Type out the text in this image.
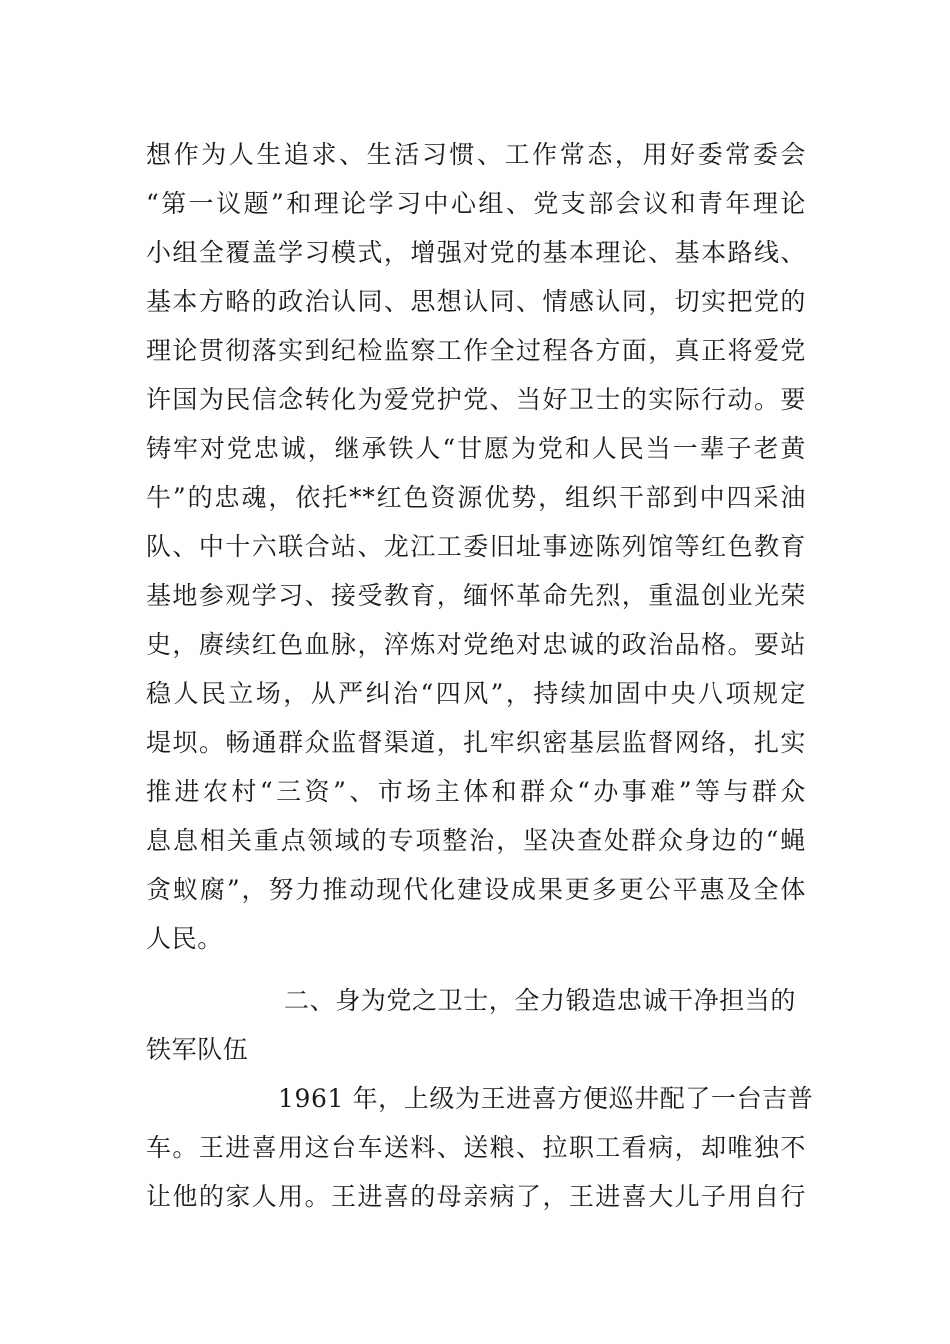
想作为人生追求、生活习惯、工作常态，用好委常委会
“第一议题”和理论学习中心组、党支部会议和青年理论
小组全覆盖学习模式，增强对党的基本理论、基本路线、
基本方略的政治认同、思想认同、情感认同，切实把党的
理论贯彻落实到纪检监察工作全过程各方面，真正将爱党
许国为民信念转化为爱党护党、当好卫士的实际行动。要
铸牢对党忠诚，继承铁人“甘愿为党和人民当一辈子老黄
牛”的忠魂，依托**红色资源优势，组织干部到中四采油
队、中十六联合站、龙江工委旧址事迹陈列馆等红色教育
基地参观学习、接受教育，缅怀革命先烈，重温创业光荣
史，赓续红色血脉，淬炼对党绝对忠诚的政治品格。要站
稳人民立场，从严纠治“四风”，持续加固中央八项规定
堤坝。畅通群众监督渠道，扎牢织密基层监督网络，扎实
推进农村“三资”、市场主体和群众“办事难”等与群众
息息相关重点领域的专项整治，坚决查处群众身边的“蝇
贪蚁腐”，努力推动现代化建设成果更多更公平惠及全体
人民。
二、身为党之卫士，全力锻造忠诚干净担当的
铁军队伍
1961 年，上级为王进喜方便巡井配了一台吉普
车。王进喜用这台车送料、送粮、拉职工看病，却唯独不
让他的家人用。王进喜的母亲病了，王进喜大儿子用自行
